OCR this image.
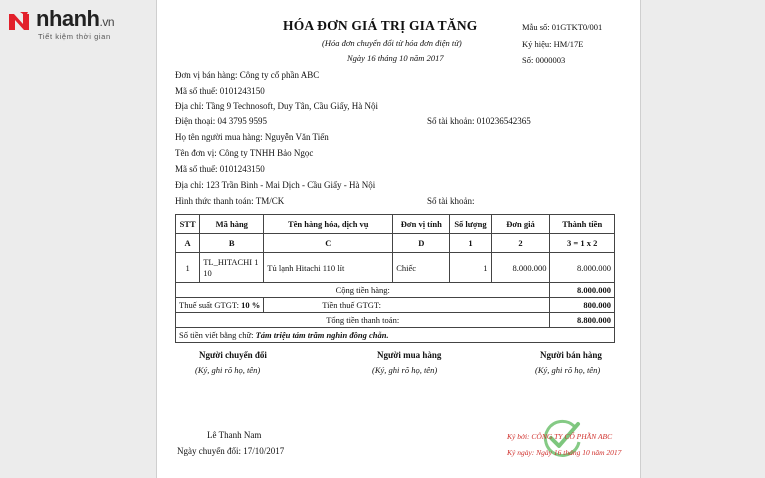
nhanh.vn
Tiết kiệm thời gian
HÓA ĐƠN GIÁ TRỊ GIA TĂNG
(Hóa đơn chuyển đổi từ hóa đơn điện tử)
Ngày 16 tháng 10 năm 2017
Mẫu số: 01GTKT0/001
Ký hiệu: HM/17E
Số: 0000003
Đơn vị bán hàng: Công ty cổ phần ABC
Mã số thuế: 0101243150
Địa chỉ: Tầng 9 Technosoft, Duy Tân, Cầu Giấy, Hà Nội
Điện thoại: 04 3795 9595	Số tài khoản: 010236542365
Họ tên người mua hàng: Nguyễn Văn Tiến
Tên đơn vị: Công ty TNHH Bảo Ngọc
Mã số thuế: 0101243150
Địa chỉ: 123 Trần Bình - Mai Dịch - Cầu Giấy - Hà Nội
Hình thức thanh toán: TM/CK	Số tài khoản:
STT	Mã hàng	Tên hàng hóa, dịch vụ	Đơn vị tính	Số lượng	Đơn giá	Thành tiền
A	B	C	D	1	2	3 = 1 x 2
1	TL_HITACHI 110	Tủ lạnh Hitachi 110 lít	Chiếc	1	8.000.000	8.000.000
Cộng tiền hàng:						8.000.000
Thuế suất GTGT: 10 %		Tiền thuế GTGT:				800.000
Tổng tiền thanh toán:						8.800.000
Số tiền viết bằng chữ: Tám triệu tám trăm nghìn đồng chẵn.						
Người chuyển đổi
(Ký, ghi rõ họ, tên)
Người mua hàng
(Ký, ghi rõ họ, tên)
Người bán hàng
(Ký, ghi rõ họ, tên)
Lê Thanh Nam
Ngày chuyển đổi: 17/10/2017
Ký bởi: CÔNG TY CỔ PHẦN ABC
Ký ngày: Ngày 16 tháng 10 năm 2017
